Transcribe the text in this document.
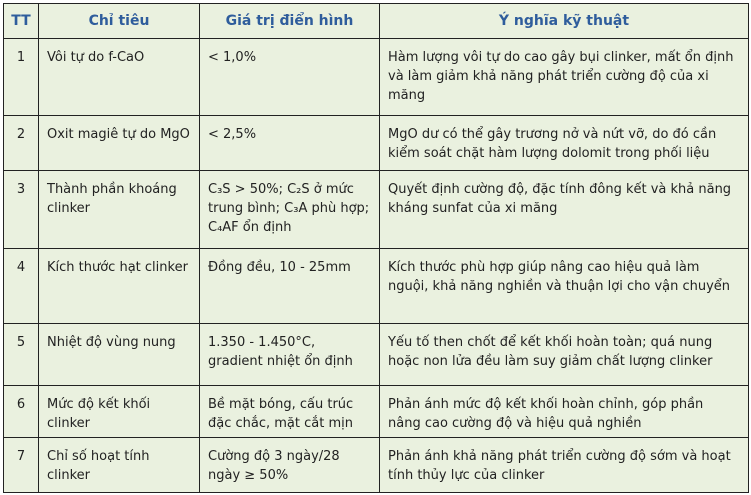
TT	Chỉ tiêu	Giá trị điển hình	Ý nghĩa kỹ thuật
1	Vôi tự do f-CaO	< 1,0%	Hàm lượng vôi tự do cao gây bụi clinker, mất ổn định và làm giảm khả năng phát triển cường độ của xi măng
2	Oxit magiê tự do MgO	< 2,5%	MgO dư có thể gây trương nở và nứt vỡ, do đó cần kiểm soát chặt hàm lượng dolomit trong phối liệu
3	Thành phần khoáng clinker	C₃S > 50%; C₂S ở mức trung bình; C₃A phù hợp; C₄AF ổn định	Quyết định cường độ, đặc tính đông kết và khả năng kháng sunfat của xi măng
4	Kích thước hạt clinker	Đồng đều, 10 - 25mm	Kích thước phù hợp giúp nâng cao hiệu quả làm nguội, khả năng nghiền và thuận lợi cho vận chuyển
5	Nhiệt độ vùng nung	1.350 - 1.450°C, gradient nhiệt ổn định	Yếu tố then chốt để kết khối hoàn toàn; quá nung hoặc non lửa đều làm suy giảm chất lượng clinker
6	Mức độ kết khối clinker	Bề mặt bóng, cấu trúc đặc chắc, mặt cắt mịn	Phản ánh mức độ kết khối hoàn chỉnh, góp phần nâng cao cường độ và hiệu quả nghiền
7	Chỉ số hoạt tính clinker	Cường độ 3 ngày/28 ngày ≥ 50%	Phản ánh khả năng phát triển cường độ sớm và hoạt tính thủy lực của clinker
